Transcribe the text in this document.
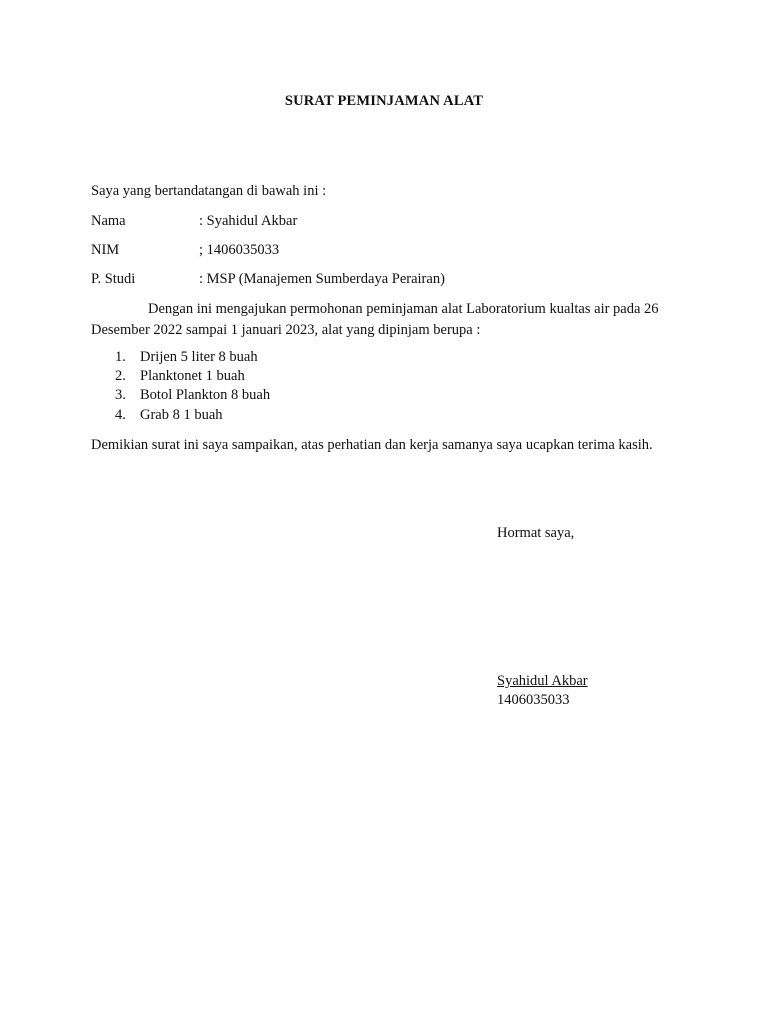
SURAT PEMINJAMAN ALAT
Saya yang bertandatangan di bawah ini :
Nama	: Syahidul Akbar
NIM	; 1406035033
P. Studi	: MSP (Manajemen Sumberdaya Perairan)
Dengan ini mengajukan permohonan peminjaman alat Laboratorium kualtas air pada 26
Desember 2022 sampai 1 januari 2023, alat yang dipinjam berupa :
1. Drijen 5 liter 8 buah
2. Planktonet 1 buah
3. Botol Plankton 8 buah
4. Grab 8 1 buah
Demikian surat ini saya sampaikan, atas perhatian dan kerja samanya saya ucapkan terima kasih.
Hormat saya,
Syahidul Akbar
1406035033
